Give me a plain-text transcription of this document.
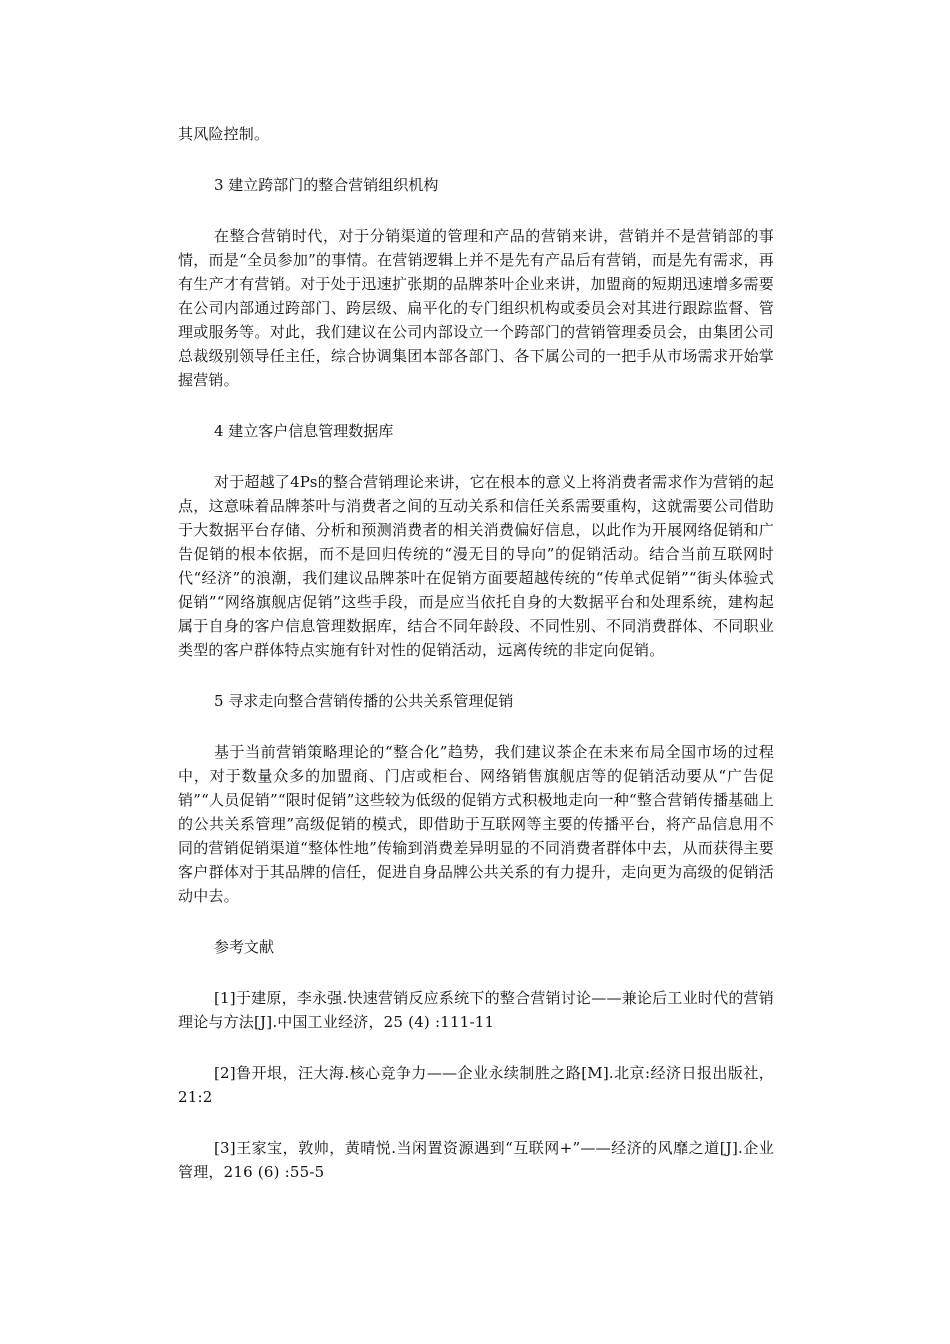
其风险控制。

3 建立跨部门的整合营销组织机构

在整合营销时代，对于分销渠道的管理和产品的营销来讲，营销并不是营销部的事情，而是“全员参加”的事情。在营销逻辑上并不是先有产品后有营销，而是先有需求，再有生产才有营销。对于处于迅速扩张期的品牌茶叶企业来讲，加盟商的短期迅速增多需要在公司内部通过跨部门、跨层级、扁平化的专门组织机构或委员会对其进行跟踪监督、管理或服务等。对此，我们建议在公司内部设立一个跨部门的营销管理委员会，由集团公司总裁级别领导任主任，综合协调集团本部各部门、各下属公司的一把手从市场需求开始掌握营销。

4 建立客户信息管理数据库

对于超越了4Ps的整合营销理论来讲，它在根本的意义上将消费者需求作为营销的起点，这意味着品牌茶叶与消费者之间的互动关系和信任关系需要重构，这就需要公司借助于大数据平台存储、分析和预测消费者的相关消费偏好信息，以此作为开展网络促销和广告促销的根本依据，而不是回归传统的“漫无目的导向”的促销活动。结合当前互联网时代“经济”的浪潮，我们建议品牌茶叶在促销方面要超越传统的“传单式促销”“街头体验式促销”“网络旗舰店促销”这些手段，而是应当依托自身的大数据平台和处理系统，建构起属于自身的客户信息管理数据库，结合不同年龄段、不同性别、不同消费群体、不同职业类型的客户群体特点实施有针对性的促销活动，远离传统的非定向促销。

5 寻求走向整合营销传播的公共关系管理促销

基于当前营销策略理论的“整合化”趋势，我们建议茶企在未来布局全国市场的过程中，对于数量众多的加盟商、门店或柜台、网络销售旗舰店等的促销活动要从“广告促销”“人员促销”“限时促销”这些较为低级的促销方式积极地走向一种“整合营销传播基础上的公共关系管理”高级促销的模式，即借助于互联网等主要的传播平台，将产品信息用不同的营销促销渠道“整体性地”传输到消费差异明显的不同消费者群体中去，从而获得主要客户群体对于其品牌的信任，促进自身品牌公共关系的有力提升，走向更为高级的促销活动中去。

参考文献

[1]于建原，李永强.快速营销反应系统下的整合营销讨论——兼论后工业时代的营销理论与方法[J].中国工业经济，25 (4) :111-11

[2]鲁开垠，汪大海.核心竞争力——企业永续制胜之路[M].北京:经济日报出版社，21:2

[3]王家宝，敦帅，黄晴悦.当闲置资源遇到“互联网+”——经济的风靡之道[J].企业管理，216 (6) :55-5
